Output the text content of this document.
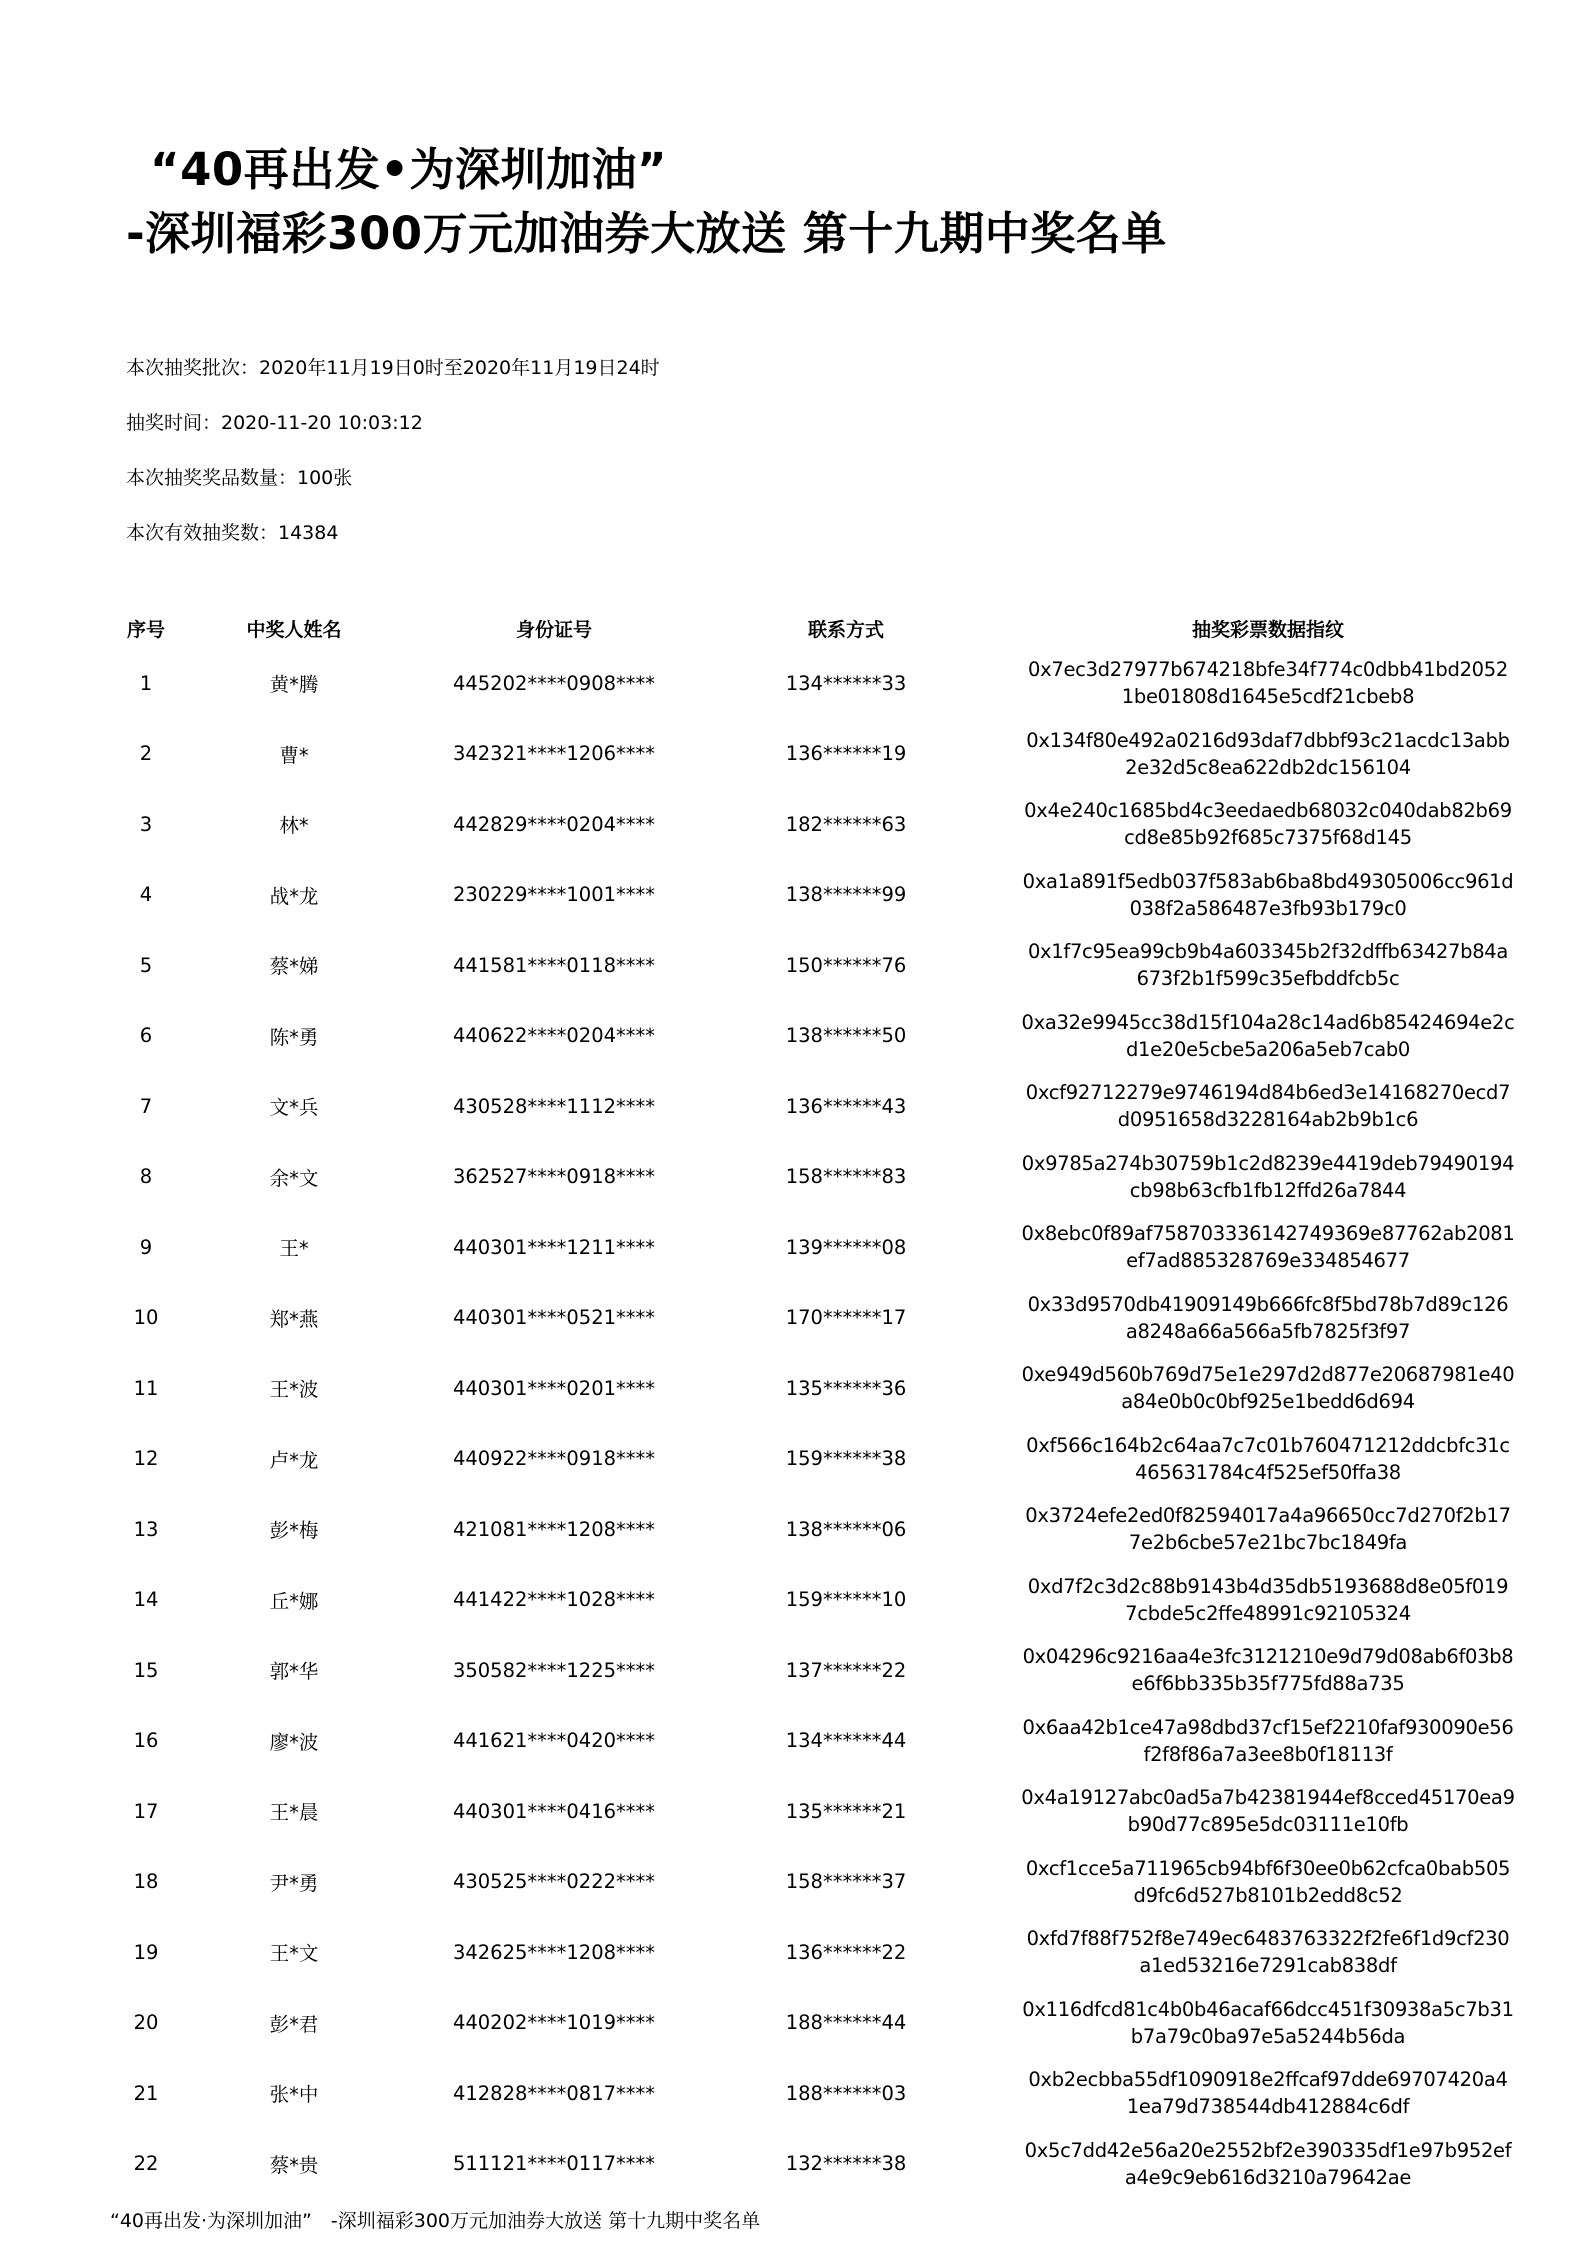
“40再出发•为深圳加油”
-深圳福彩300万元加油券大放送 第十九期中奖名单
本次抽奖批次：2020年11月19日0时至2020年11月19日24时
抽奖时间：2020-11-20 10:03:12
本次抽奖奖品数量：100张
本次有效抽奖数：14384
序号	中奖人姓名	身份证号	联系方式	抽奖彩票数据指纹
1	黄*腾	445202****0908****	134******33	0x7ec3d27977b674218bfe34f774c0dbb41bd2052
1be01808d1645e5cdf21cbeb8

2	曹*	342321****1206****	136******19	0x134f80e492a0216d93daf7dbbf93c21acdc13abb
2e32d5c8ea622db2dc156104

3	林*	442829****0204****	182******63	0x4e240c1685bd4c3eedaedb68032c040dab82b69
cd8e85b92f685c7375f68d145

4	战*龙	230229****1001****	138******99	0xa1a891f5edb037f583ab6ba8bd49305006cc961d
038f2a586487e3fb93b179c0

5	蔡*娣	441581****0118****	150******76	0x1f7c95ea99cb9b4a603345b2f32dffb63427b84a
673f2b1f599c35efbddfcb5c

6	陈*勇	440622****0204****	138******50	0xa32e9945cc38d15f104a28c14ad6b85424694e2c
d1e20e5cbe5a206a5eb7cab0

7	文*兵	430528****1112****	136******43	0xcf92712279e9746194d84b6ed3e14168270ecd7
d0951658d3228164ab2b9b1c6

8	余*文	362527****0918****	158******83	0x9785a274b30759b1c2d8239e4419deb79490194
cb98b63cfb1fb12ffd26a7844

9	王*	440301****1211****	139******08	0x8ebc0f89af758703336142749369e87762ab2081
ef7ad885328769e334854677

10	郑*燕	440301****0521****	170******17	0x33d9570db41909149b666fc8f5bd78b7d89c126
a8248a66a566a5fb7825f3f97

11	王*波	440301****0201****	135******36	0xe949d560b769d75e1e297d2d877e20687981e40
a84e0b0c0bf925e1bedd6d694

12	卢*龙	440922****0918****	159******38	0xf566c164b2c64aa7c7c01b760471212ddcbfc31c
465631784c4f525ef50ffa38

13	彭*梅	421081****1208****	138******06	0x3724efe2ed0f82594017a4a96650cc7d270f2b17
7e2b6cbe57e21bc7bc1849fa

14	丘*娜	441422****1028****	159******10	0xd7f2c3d2c88b9143b4d35db5193688d8e05f019
7cbde5c2ffe48991c92105324

15	郭*华	350582****1225****	137******22	0x04296c9216aa4e3fc3121210e9d79d08ab6f03b8
e6f6bb335b35f775fd88a735

16	廖*波	441621****0420****	134******44	0x6aa42b1ce47a98dbd37cf15ef2210faf930090e56
f2f8f86a7a3ee8b0f18113f

17	王*晨	440301****0416****	135******21	0x4a19127abc0ad5a7b42381944ef8cced45170ea9
b90d77c895e5dc03111e10fb

18	尹*勇	430525****0222****	158******37	0xcf1cce5a711965cb94bf6f30ee0b62cfca0bab505
d9fc6d527b8101b2edd8c52

19	王*文	342625****1208****	136******22	0xfd7f88f752f8e749ec6483763322f2fe6f1d9cf230
a1ed53216e7291cab838df

20	彭*君	440202****1019****	188******44	0x116dfcd81c4b0b46acaf66dcc451f30938a5c7b31
b7a79c0ba97e5a5244b56da

21	张*中	412828****0817****	188******03	0xb2ecbba55df1090918e2ffcaf97dde69707420a4
1ea79d738544db412884c6df

22	蔡*贵	511121****0117****	132******38	0x5c7dd42e56a20e2552bf2e390335df1e97b952ef
a4e9c9eb616d3210a79642ae
“40再出发·为深圳加油”　-深圳福彩300万元加油券大放送 第十九期中奖名单
